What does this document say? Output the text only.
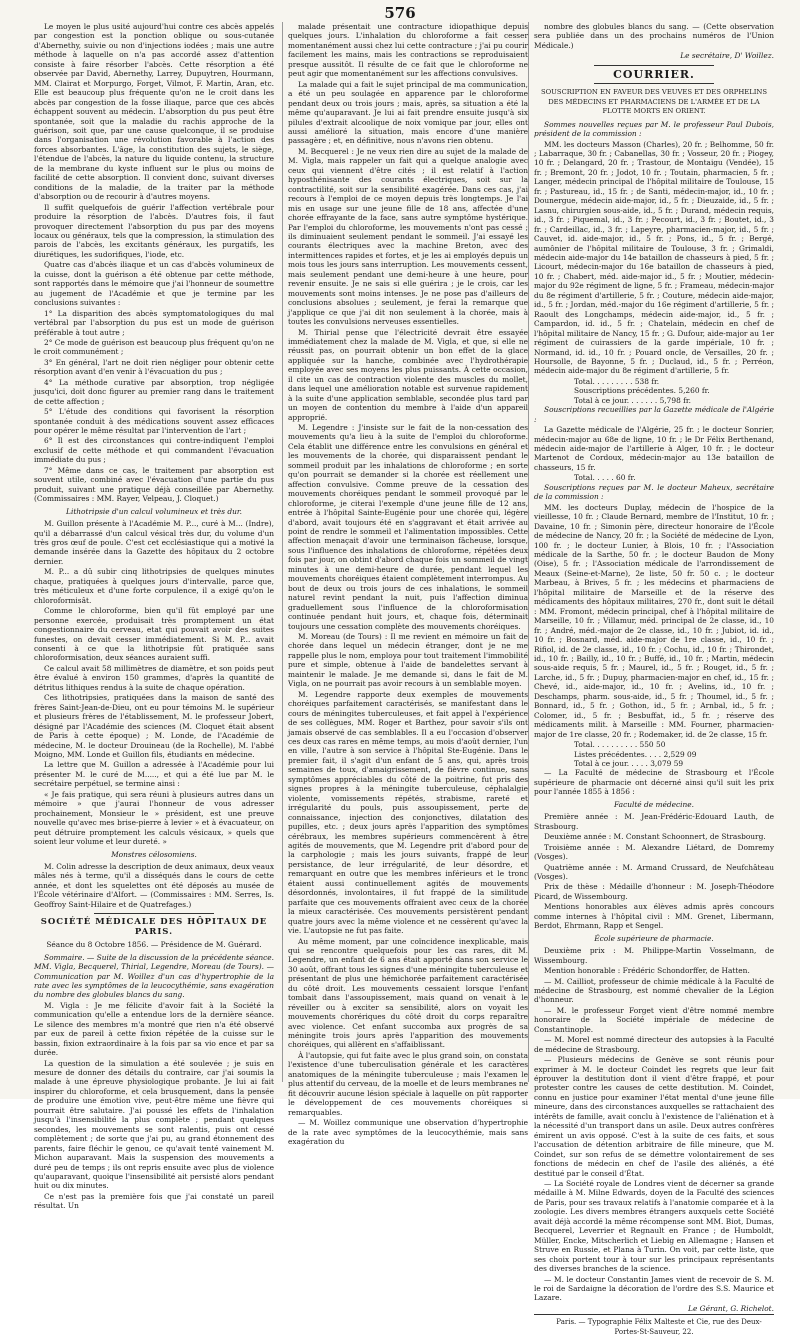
576

Le moyen le plus usité aujourd'hui contre ces abcès appelés par congestion est la ponction oblique ou sous-cutanée d'Abernethy, suivie ou non d'injections iodées ; mais une autre méthode à laquelle on n'a pas accordé assez d'attention consiste à faire résorber l'abcès. Cette résorption a été observée par David, Abernethy, Larrey, Dupuytren, Hourmann, MM. Clairat et Morpurgo, Forget, Vilmot, F. Martin, Aran, etc. Elle est beaucoup plus fréquente qu'on ne le croit dans les abcès par congestion de la fosse iliaque, parce que ces abcès échappent souvent au médecin. L'absorption du pus peut être spontanée, soit que la maladie du rachis approche de la guérison, soit que, par une cause quelconque, il se produise dans l'organisation une révolution favorable à l'action des forces absorbantes. L'âge, la constitution des sujets, le siège, l'étendue de l'abcès, la nature du liquide contenu, la structure de la membrane du kyste influent sur le plus ou moins de facilité de cette absorption. Il convient donc, suivant diverses conditions de la maladie, de la traiter par la méthode d'absorption ou de recourir à d'autres moyens.

Il suffit quelquefois de guérir l'affection vertébrale pour produire la résorption de l'abcès. D'autres fois, il faut provoquer directement l'absorption du pus par des moyens locaux ou généraux, tels que la compression, la stimulation des parois de l'abcès, les excitants généraux, les purgatifs, les diurétiques, les sudorifiques, l'iode, etc.

Quatre cas d'abcès iliaque et un cas d'abcès volumineux de la cuisse, dont la guérison a été obtenue par cette méthode, sont rapportés dans le mémoire que j'ai l'honneur de soumettre au jugement de l'Académie et que je termine par les conclusions suivantes :

1° La disparition des abcès symptomatologiques du mal vertébral par l'absorption du pus est un mode de guérison préférable à tout autre ;

2° Ce mode de guérison est beaucoup plus fréquent qu'on ne le croit communément ;

3° En général, l'art ne doit rien négliger pour obtenir cette résorption avant d'en venir à l'évacuation du pus ;

4° La méthode curative par absorption, trop négligée jusqu'ici, doit donc figurer au premier rang dans le traitement de cette affection ;

5° L'étude des conditions qui favorisent la résorption spontanée conduit à des médications souvent assez efficaces pour opérer le même résultat par l'intervention de l'art ;

6° Il est des circonstances qui contre-indiquent l'emploi exclusif de cette méthode et qui commandent l'évacuation immédiate du pus ;

7° Même dans ce cas, le traitement par absorption est souvent utile, combiné avec l'évacuation d'une partie du pus produit, suivant une pratique déjà conseillée par Abernethy. (Commissaires : MM. Rayer, Velpeau, J. Cloquet.)

Lithotripsie d'un calcul volumineux et très dur.

M. Guillon présente à l'Académie M. P..., curé à M... (Indre), qu'il a débarrassé d'un calcul vésical très dur, du volume d'un très gros œuf de poule. C'est cet ecclésiastique qui a motivé la demande insérée dans la Gazette des hôpitaux du 2 octobre dernier.

M. P... a dû subir cinq lithotripsies de quelques minutes chaque, pratiquées à quelques jours d'intervalle, parce que, très méticuleux et d'une forte corpulence, il a exigé qu'on le chloroformisât.

Comme le chloroforme, bien qu'il fût employé par une personne exercée, produisait très promptement un état congestionnaire du cerveau, etat qui pouvait avoir des suites funestes, on devait cesser immédiatement. Si M. P... avait consenti à ce que la lithotripsie fût pratiquée sans chloroformisation, deux séances auraient suffi.

Ce calcul avait 58 millimètres de diamètre, et son poids peut être évalué à environ 150 grammes, d'après la quantité de détritus lithiques rendus à la suite de chaque opération.

Ces lithotripsies, pratiquées dans la maison de santé des frères Saint-Jean-de-Dieu, ont eu pour témoins M. le supérieur et plusieurs frères de l'établissement, M. le professeur Jobert, désigné par l'Académie des sciences (M. Cloquet était absent de Paris à cette époque) ; M. Londe, de l'Académie de médecine, M. le docteur Drouineau (de la Rochelle), M. l'abbé Moigno, MM. Londe et Guillon fils, étudiants en médecine.

La lettre que M. Guillon a adressée à l'Académie pour lui présenter M. le curé de M....., et qui a été lue par M. le secrétaire perpétuel, se termine ainsi :

« Je fais pratique, qui sera réuni à plusieurs autres dans un mémoire » que j'aurai l'honneur de vous adresser prochainement, Monsieur le » président, est une preuve nouvelle qu'avec mes brise-pierre à levier » et à évacuateur, on peut détruire promptement les calculs vésicaux, » quels que soient leur volume et leur dureté. »

Monstres célosomiens.

M. Colin adresse la description de deux animaux, deux veaux mâles nés à terme, qu'il a disséqués dans le cours de cette année, et dont les squelettes ont été déposés au musée de l'École vétérinaire d'Alfort. — (Commissaires : MM. Serres, Is. Geoffroy Saint-Hilaire et de Quatrefages.)

SOCIÉTÉ MÉDICALE DES HÔPITAUX DE PARIS.

Séance du 8 Octobre 1856. — Présidence de M. Guérard.

Sommaire. — Suite de la discussion de la précédente séance. MM. Vigla, Becquerel, Thirial, Legendre, Moreau (de Tours). — Communication par M. Woillez d'un cas d'hypertrophie de la rate avec les symptômes de la leucocythémie, sans exagération du nombre des globules blancs du sang.

M. Vigla : Je me félicite d'avoir fait à la Société la communication qu'elle a entendue lors de la dernière séance. Le silence des membres m'a montré que rien n'a été observé par eux de pareil à cette fixion répétée de la cuisse sur le bassin, fixion extraordinaire à la fois par sa vio ence et par sa durée.

La question de la simulation a été soulevée ; je suis en mesure de donner des détails du contraire, car j'ai soumis la malade à une épreuve physiologique probante. Je lui ai fait inspirer du chloroforme, et cela brusquement, dans la pensée de produire une émotion vive, peut-être même une fièvre qui pourrait être salutaire. J'ai poussé les effets de l'inhalation jusqu'à l'insensibilité la plus complète ; pendant quelques secondes, les mouvements se sont ralentis, puis ont cessé complètement ; de sorte que j'ai pu, au grand étonnement des parents, faire fléchir le genou, ce qu'avait tenté vainement M. Michon auparavant. Mais la suspension des mouvements a duré peu de temps ; ils ont repris ensuite avec plus de violence qu'auparavant, quoique l'insensibilité ait persisté alors pendant huit ou dix minutes.

Ce n'est pas la première fois que j'ai constaté un pareil résultat. Un

malade présentait une contracture idiopathique depuis quelques jours. L'inhalation du chloroforme a fait cesser momentanément aussi chez lui cette contracture ; j'ai pu courir facilement les mains, mais les contractions se reproduisaient presque aussitôt. Il résulte de ce fait que le chloroforme ne peut agir que momentanément sur les affections convulsives.

La malade qui a fait le sujet principal de ma communication, a été un peu soulagée en apparence par le chloroforme pendant deux ou trois jours ; mais, après, sa situation a été la même qu'auparavant. Je lui ai fait prendre ensuite jusqu'à six pilules d'extrait alcoolique de noix vomique par jour, elles ont aussi amélioré la situation, mais encore d'une manière passagère ; et, en définitive, nous n'avons rien obtenu.

M. Becquerel : Je ne veux rien dire au sujet de la malade de M. Vigla, mais rappeler un fait qui a quelque analogie avec ceux qui viennent d'être cités ; il est relatif à l'action hyposthénisante des courants électriques, soit sur la contractilité, soit sur la sensibilité exagérée. Dans ces cas, j'ai recours à l'emploi de ce moyen depuis très longtemps. Je l'ai mis en usage sur une jeune fille de 18 ans, affectée d'une chorée effrayante de la face, sans autre symptôme hystérique. Par l'emploi du chloroforme, les mouvements n'ont pas cessé ; ils diminuaient seulement pendant le sommeil. J'ai essayé les courants électriques avec la machine Breton, avec des intermittences rapides et fortes, et je les ai employés depuis un mois tous les jours sans interruption. Les mouvements cessent, mais seulement pendant une demi-heure à une heure, pour revenir ensuite. Je ne sais si elle guérira ; je le crois, car les mouvements sont moins intenses. Je ne pose pas d'ailleurs de conclusions absolues ; seulement, je ferai la remarque que j'applique ce que j'ai dit non seulement à la chorée, mais à toutes les convulsions nerveuses essentielles.

M. Thirial pense que l'électricité devrait être essayée immédiatement chez la malade de M. Vigla, et que, si elle ne réussit pas, on pourrait obtenir un bon effet de la glace appliquée sur la hanche, combinée avec l'hydrothérapie employée avec ses moyens les plus puissants. À cette occasion, il cite un cas de contraction violente des muscles du mollet, dans lequel une amélioration notable est survenue rapidement à la suite d'une application semblable, secondée plus tard par un moyen de contention du membre à l'aide d'un appareil approprié.

M. Legendre : J'insiste sur le fait de la non-cessation des mouvements qu'a lieu à la suite de l'emploi du chloroforme. Cela établit une différence entre les convulsions en général et les mouvements de la chorée, qui disparaissent pendant le sommeil produit par les inhalations de chloroforme ; en sorte qu'on pourrait se demander si la chorée est réellement une affection convulsive. Comme preuve de la cessation des mouvements choréiques pendant le sommeil provoqué par le chloroforme, je citerai l'exemple d'une jeune fille de 12 ans, entrée à l'hôpital Sainte-Eugénie pour une chorée qui, légère d'abord, avait toujours été en s'aggravant et était arrivée au point de rendre le sommeil et l'alimentation impossibles. Cette affection menaçait d'avoir une terminaison fâcheuse, lorsque, sous l'influence des inhalations de chloroforme, répétées deux fois par jour, on obtint d'abord chaque fois un sommeil de vingt minutes à une demi-heure de durée, pendant lequel les mouvements choréiques étaient complètement interrompus. Au bout de deux ou trois jours de ces inhalations, le sommeil naturel revint pendant la nuit, puis l'affection diminua graduellement sous l'influence de la chloroformisation continuée pendant huit jours, et, chaque fois, déterminait toujours une cessation complète des mouvements choréiques.

M. Moreau (de Tours) : Il me revient en mémoire un fait de chorée dans lequel un médecin étranger, dont je ne me rappelle plus le nom, employa pour tout traitement l'immobilité pure et simple, obtenue à l'aide de bandelettes servant à maintenir le malade. Je me demande si, dans le fait de M. Vigla, on ne pourrait pas avoir recours à un semblable moyen.

M. Legendre rapporte deux exemples de mouvements choréiques parfaitement caractérisés, se manifestant dans le cours de méningites tuberculeuses, et fait appel à l'expérience de ses collègues, MM. Roger et Barthez, pour savoir s'ils ont jamais observé de cas semblables. Il a eu l'occasion d'observer ces deux cas rares en même temps, au mois d'août dernier, l'un en ville, l'autre à son service à l'hôpital Ste-Eugénie. Dans le premier fait, il s'agit d'un enfant de 5 ans, qui, après trois semaines de toux, d'amaigrissement, de fièvre continue, sans symptômes appréciables du côté de la poitrine, fut pris des signes propres à la méningite tuberculeuse, céphalalgie violente, vomissements répétés, strabisme, rareté et irrégularité du pouls, puis assoupissement, perte de connaissance, injection des conjonctives, dilatation des pupilles, etc. ; deux jours après l'apparition des symptômes cérébraux, les membres supérieurs commencèrent à être agités de mouvements, que M. Legendre prit d'abord pour de la carphologie ; mais les jours suivants, frappé de leur persistance, de leur irrégularité, de leur désordre, et remarquant en outre que les membres inférieurs et le tronc étaient aussi continuellement agités de mouvements désordonnés, involontaires, il fut frappé de la similitude parfaite que ces mouvements offraient avec ceux de la chorée la mieux caractérisée. Ces mouvements persistèrent pendant quatre jours avec la même violence et ne cessèrent qu'avec la vie. L'autopsie ne fut pas faite.

Au même moment, par une coïncidence inexplicable, mais qui se rencontre quelquefois pour les cas rares, dit M. Legendre, un enfant de 6 ans était apporté dans son service le 30 août, offrant tous les signes d'une méningite tuberculeuse et présentant de plus une hémichorée parfaitement caractérisée du côté droit. Les mouvements cessaient lorsque l'enfant tombait dans l'assoupissement, mais quand on venait à le réveiller ou à exciter sa sensibilité, alors on voyait les mouvements chorériques du côté droit du corps reparaître avec violence. Cet enfant succomba aux progrès de sa méningite trois jours après l'apparition des mouvements choréiques, qui allèrent en s'affaiblissant.

À l'autopsie, qui fut faite avec le plus grand soin, on constata l'existence d'une tuberculisation générale et les caractères anatomiques de la méningite tuberculeuse ; mais l'examen le plus attentif du cerveau, de la moelle et de leurs membranes ne fit découvrir aucune lésion spéciale à laquelle on pût rapporter le développement de ces mouvements choréiques si remarquables.

— M. Woillez communique une observation d'hypertrophie de la rate avec symptômes de la leucocythémie, mais sans exagération du

nombre des globules blancs du sang. — (Cette observation sera publiée dans un des prochains numéros de l'Union Médicale.)

Le secrétaire, D' Woillez.

COURRIER.

SOUSCRIPTION EN FAVEUR DES VEUVES ET DES ORPHELINS DES MÉDECINS ET PHARMACIENS DE L'ARMÉE ET DE LA FLOTTE MORTS EN ORIENT.

Sommes nouvelles reçues par M. le professeur Paul Dubois, président de la commission :

MM. les docteurs Masson (Charles), 20 fr. ; Belhomme, 50 fr. ; Labarraque, 30 fr. ; Cabanellas, 30 fr. ; Vosseur, 20 fr. ; Piogey, 10 fr. ; Delangard, 20 fr. ; Trastour, de Montaigu (Vendée), 15 fr. ; Bremont, 20 fr. ; Jodot, 10 fr. ; Toutain, pharmacien, 5 fr. ; Langer, médecin principal de l'hôpital militaire de Toulouse, 15 fr. ; Pastureau, id., 15 fr. ; de Santi, médecin-major, id., 10 fr. ; Dounergue, médecin aide-major, id., 5 fr. ; Dieuzaide, id., 5 fr. ; Lasnu, chirurgien sous-aide, id., 5 fr. ; Durand, médecin requis, id., 3 fr. ; Piquemal, id., 3 fr. ; Pecourt, id., 3 fr. ; Boutet, id., 3 fr. ; Cardeillac, id., 3 fr. ; Lapeyre, pharmacien-major, id., 5 fr. ; Cauvet, id. aide-major, id., 5 fr. ; Pons, id., 5 fr. ; Bergé, aumônier de l'hôpital militaire de Toulouse, 3 fr. ; Grimaldi, médecin aide-major du 14e bataillon de chasseurs à pied, 5 fr. ; Licourt, médecin-major du 16e bataillon de chasseurs à pied, 10 fr. ; Chabert, méd. aide-major id., 5 fr. ; Moutier, médecin-major du 92e régiment de ligne, 5 fr. ; Frameau, médecin-major du 8e régiment d'artillerie, 5 fr. ; Couture, médecin aide-major, id., 5 fr. ; Jordan, méd.-major du 16e régiment d'artillerie, 5 fr. ; Raoult des Longchamps, médecin aide-major, id., 5 fr. ; Campardon, id. id., 5 fr. ; Chatelain, médecin en chef de l'hôpital militaire de Nancy, 15 fr. ; G. Dufour, aide-major au 1er régiment de cuirassiers de la garde impériale, 10 fr. ; Normand, id. id., 10 fr. ; Pouard oncle, de Versailles, 20 fr. ; Hoursolle, de Bayonne, 5 fr. ; Duclaud, id., 5 fr. ; Perréon, médecin aide-major du 8e régiment d'artillerie, 5 fr.

Total. . . . . . . . . 538 fr.

Souscriptions précédentes. 5,260 fr.

Total à ce jour. . . . . . . 5,798 fr.

Souscriptions recueillies par la Gazette médicale de l'Algérie :

La Gazette médicale de l'Algérie, 25 fr. ; le docteur Sonrier, médecin-major au 68e de ligne, 10 fr. ; le Dr Félix Berthenand, médecin aide-major de l'artillerie à Alger, 10 fr. ; le docteur Martenot de Cordoux, médecin-major au 13e bataillon de chasseurs, 15 fr.

Total. . . . . 60 fr.

Souscriptions reçues par M. le docteur Maheux, secrétaire de la commission :

MM. les docteurs Duplay, médecin de l'hospice de la vieillesse, 10 fr. ; Claude Bernard, membre de l'Institut, 10 fr. ; Davaine, 10 fr. ; Simonin père, directeur honoraire de l'École de médecine de Nancy, 20 fr. ; la Société de médecine de Lyon, 100 fr. ; le docteur Lunier, à Blois, 10 fr. ; l'Association médicale de la Sarthe, 50 fr. ; le docteur Baudon de Mony (Oise), 5 fr. ; l'Association médicale de l'arrondissement de Meaux (Seine-et-Marne), 2e liste, 50 fr. 50 c. ; le docteur Marbeau, à Brives, 5 fr. ; les médecins et pharmaciens de l'hôpital militaire de Marseille et de la réserve des médicaments des hôpitaux militaires, 270 fr., dont suit le détail : MM. Fromont, médecin principal, chef à l'hôpital militaire de Marseille, 10 fr. ; Villamur, méd. principal de 2e classe, id., 10 fr. ; André, méd.-major de 2e classe, id., 10 fr. ; Jubiot, id. id., 10 fr. ; Bosnard, méd. aide-major de 1re classe, id., 10 fr. ; Rifiol, id. de 2e classe, id., 10 fr. ; Cochu, id., 10 fr. ; Thirondet, id., 10 fr. ; Bailly, id., 10 fr. ; Buffé, id., 10 fr. ; Martin, médecin sous-aide requis, 5 fr. ; Maurel, id., 5 fr. ; Rouget, id., 5 fr. ; Larche, id., 5 fr. ; Dupuy, pharmacien-major en chef, id., 15 fr. ; Chevé, id., aide-major, id., 10 fr. ; Avelins, id., 10 fr. ; Deschamps, pharm. sous-aide, id., 5 fr. ; Thoumel, id., 5 fr. ; Bonnard, id., 5 fr. ; Gothon, id., 5 fr. ; Arnbal, id., 5 fr. ; Colomer, id., 5 fr. ; Besbuffat, id., 5 fr. ; réserve des médicaments milit. à Marseille : MM. Fourner, pharmacien-major de 1re classe, 20 fr. ; Rodemaker, id. de 2e classe, 15 fr.

Total. . . . . . . . . . 550 50

Listes précédentes. . . . 2,529 09

Total à ce jour. . . . . 3,079 59

— La Faculté de médecine de Strasbourg et l'École supérieure de pharmacie ont décerné ainsi qu'il suit les prix pour l'année 1855 à 1856 :

Faculté de médecine.

Première année : M. Jean-Frédéric-Edouard Lauth, de Strasbourg.

Deuxième année : M. Constant Schoonnert, de Strasbourg.

Troisième année : M. Alexandre Liétard, de Domremy (Vosges).

Quatrième année : M. Armand Crussard, de Neufchâteau (Vosges).

Prix de thèse : Médaille d'honneur : M. Joseph-Théodore Picard, de Wissembourg.

Mentions honorables aux élèves admis après concours comme internes à l'hôpital civil : MM. Grenet, Libermann, Berdot, Ehrmann, Rapp et Sengel.

École supérieure de pharmacie.

Deuxième prix : M. Philippe-Martin Vosselmann, de Wissembourg.

Mention honorable : Frédéric Schondorffer, de Hatten.

— M. Cailliot, professeur de chimie médicale à la Faculté de médecine de Strasbourg, est nommé chevalier de la Légion d'honneur.

— M. le professeur Forget vient d'être nommé membre honoraire de la Société impériale de médecine de Constantinople.

— M. Morel est nommé directeur des autopsies à la Faculté de médecine de Strasbourg.

— Plusieurs médecins de Genève se sont réunis pour exprimer à M. le docteur Coindet les regrets que leur fait éprouver la destitution dont il vient d'être frappé, et pour protester contre les causes de cette destitution. M. Coindet, connu en justice pour examiner l'état mental d'une jeune fille mineure, dans des circonstances auxquelles se rattachaient des intérêts de famille, avait conclu à l'existence de l'aliénation et à la nécessité d'un transport dans un asile. Deux autres confrères émirent un avis opposé. C'est à la suite de ces faits, et sous l'accusation de détention arbitraire de fille mineure, que M. Coindet, sur son refus de se démettre volontairement de ses fonctions de médecin en chef de l'asile des aliénés, a été destitué par le conseil d'État.

— La Société royale de Londres vient de décerner sa grande médaille à M. Milne Edwards, doyen de la Faculté des sciences de Paris, pour ses travaux relatifs à l'anatomie comparée et à la zoologie. Les divers membres étrangers auxquels cette Société avait déjà accordé la même récompense sont MM. Biot, Dumas, Becquerel, Leverrier et Regnault en France ; de Humboldt, Müller, Encke, Mitscherlich et Liebig en Allemagne ; Hansen et Struve en Russie, et Plana à Turin. On voit, par cette liste, que ses choix portent tour à tour sur les principaux représentants des diverses branches de la science.

— M. le docteur Constantin James vient de recevoir de S. M. le roi de Sardaigne la décoration de l'ordre des S.S. Maurice et Lazare.

Le Gérant, G. Richelot.

Paris. — Typographie Félix Malteste et Cie, rue des Deux-Portes-St-Sauveur, 22.
